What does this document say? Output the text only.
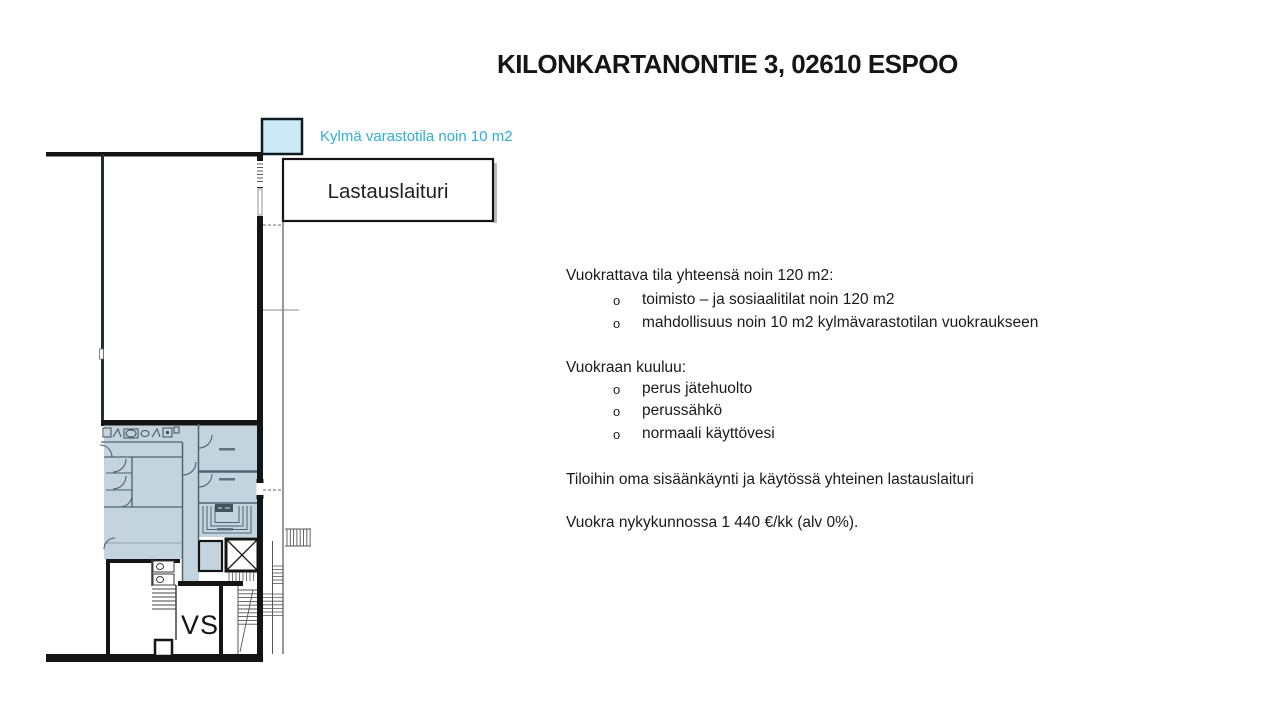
KILONKARTANONTIE 3, 02610 ESPOO
Lastauslaituri
Kylmä varastotila noin 10 m2
VS
Vuokrattava tila yhteensä noin 120 m2:
o toimisto – ja sosiaalitilat noin 120 m2
o mahdollisuus noin 10 m2 kylmävarastotilan vuokraukseen
Vuokraan kuuluu:
o perus jätehuolto
o perussähkö
o normaali käyttövesi
Tiloihin oma sisäänkäynti ja käytössä yhteinen lastauslaituri
Vuokra nykykunnossa 1 440 €/kk (alv 0%).
